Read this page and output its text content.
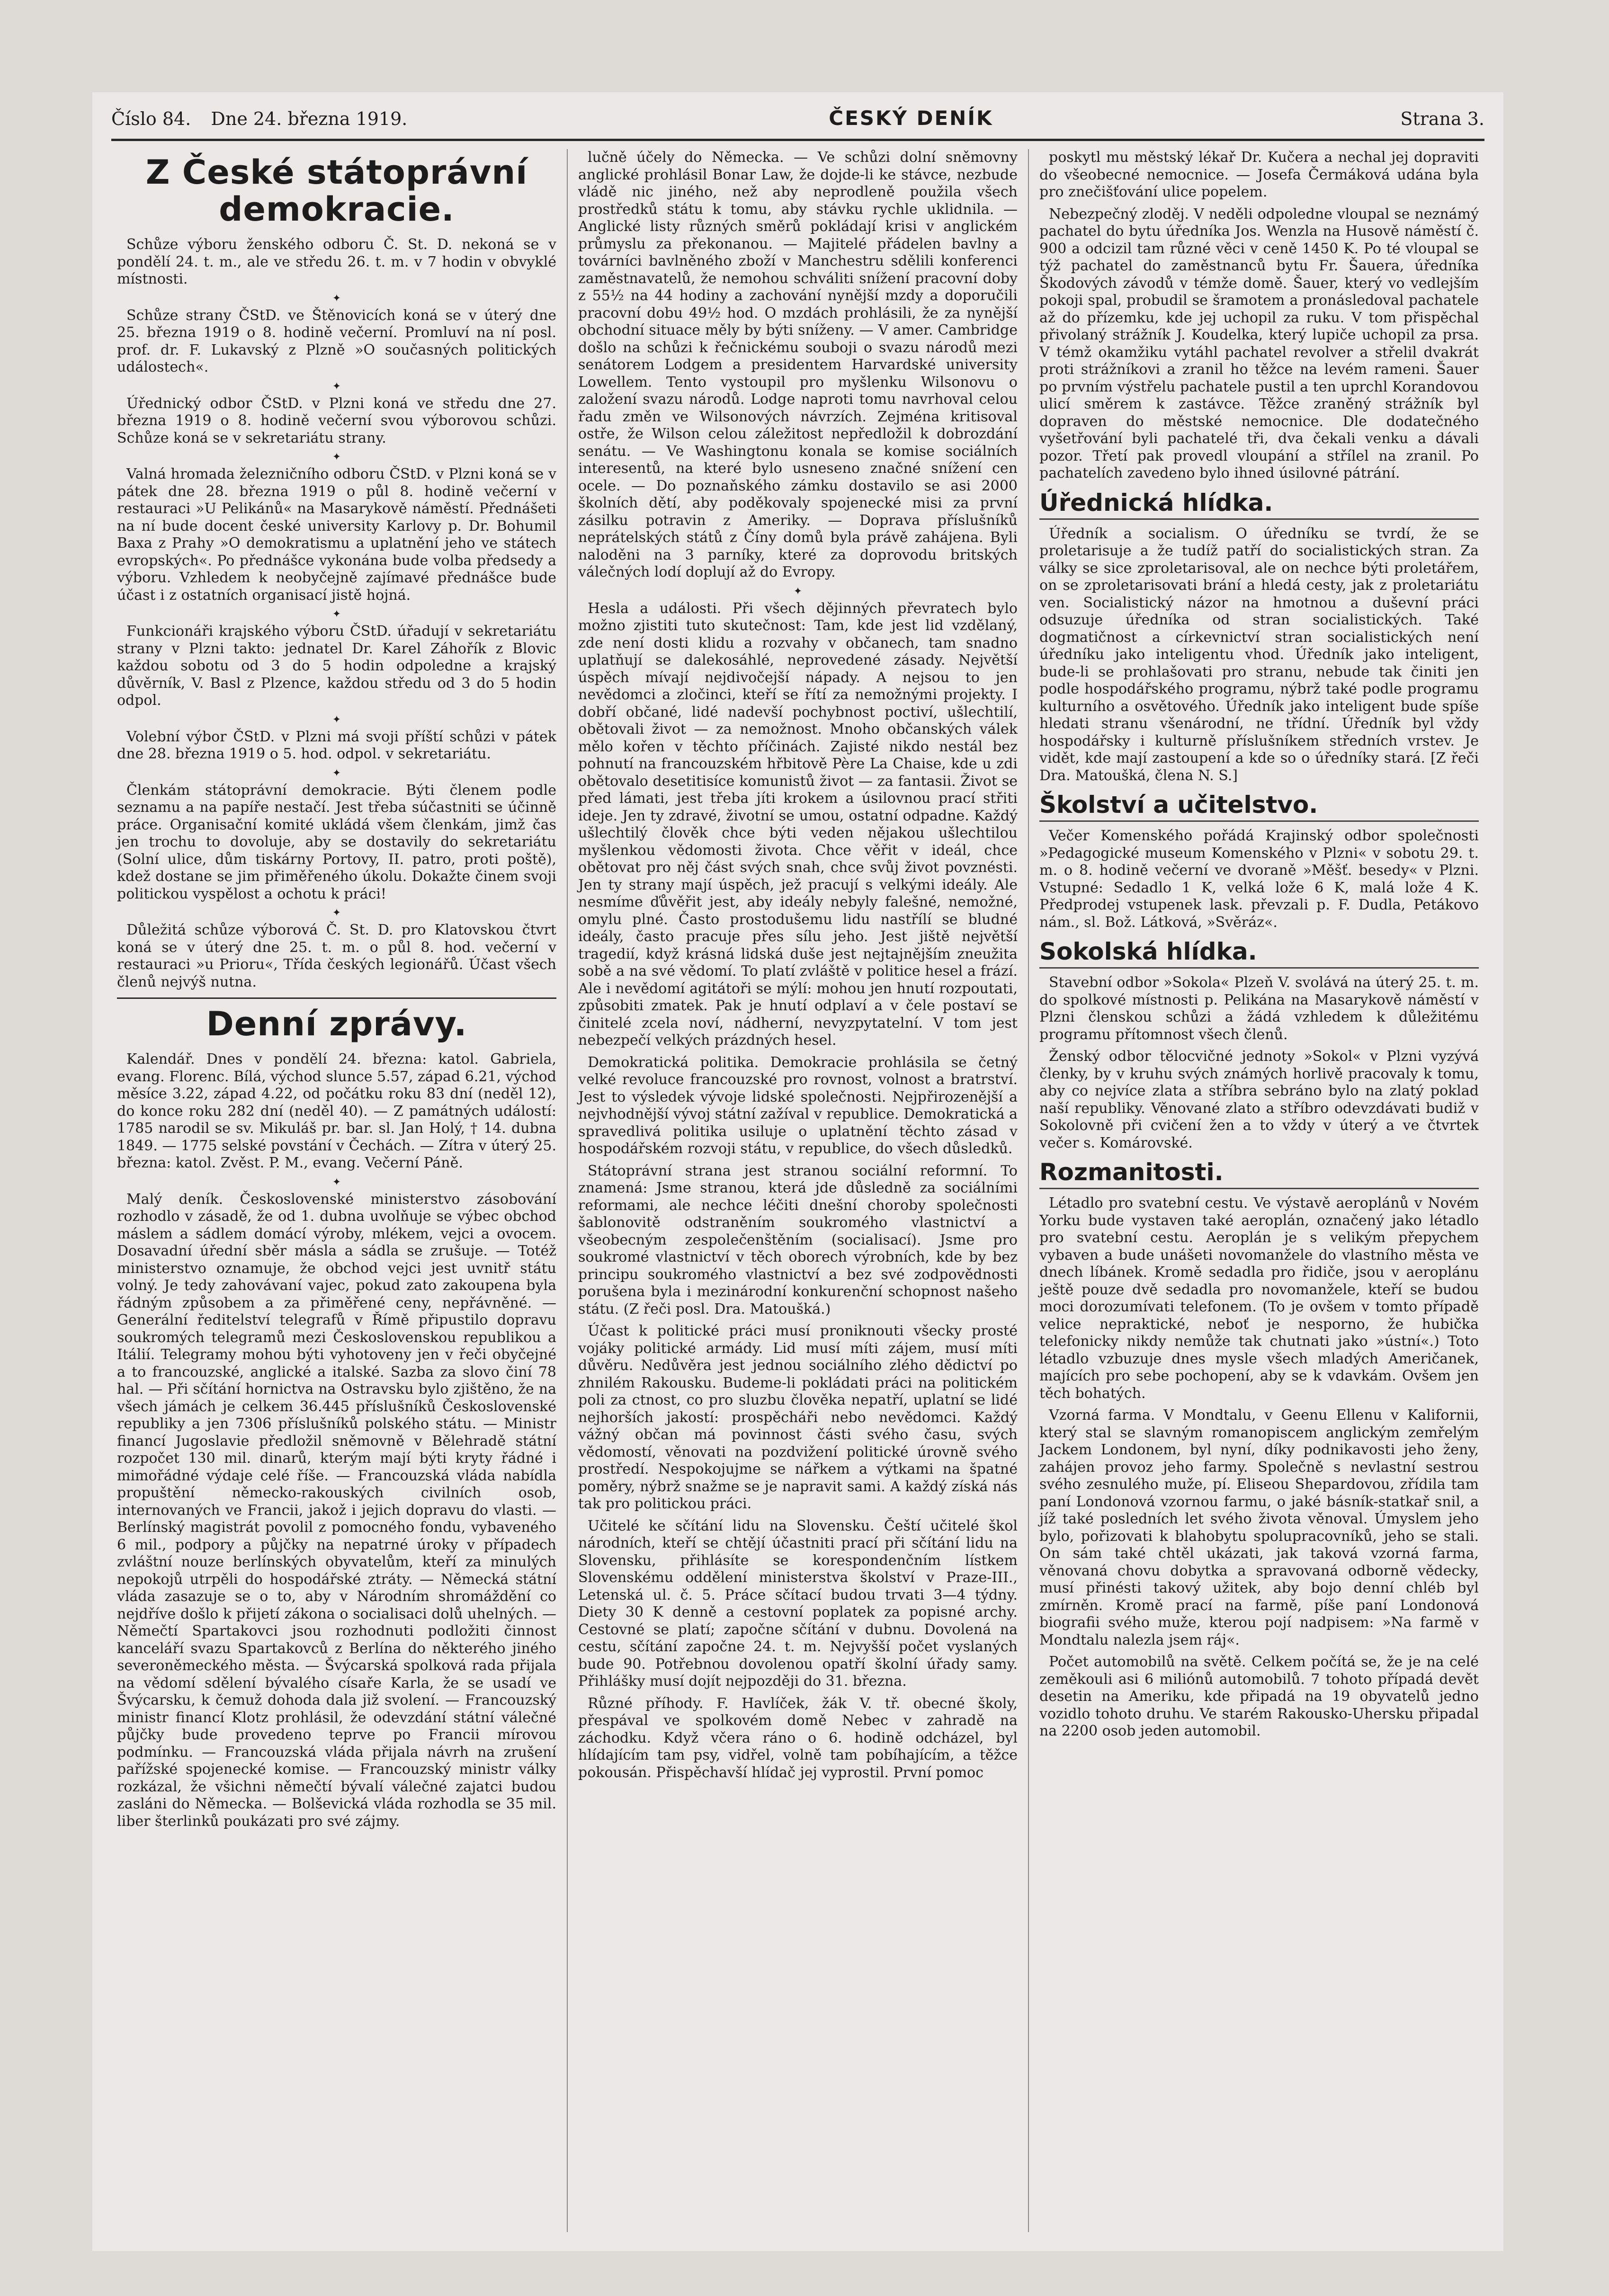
Číslo 84. Dne 24. března 1919.	ČESKÝ DENÍK	Strana 3.
Z České státoprávní demokracie.

Schůze výboru ženského odboru Č. St. D. nekoná se v pondělí 24. t. m., ale ve středu 26. t. m. v 7 hodin v obvyklé místnosti.

✦

Schůze strany ČStD. ve Štěnovicích koná se v úterý dne 25. března 1919 o 8. hodině večerní. Promluví na ní posl. prof. dr. F. Lukavský z Plzně »O současných politických událostech«.

✦

Úřednický odbor ČStD. v Plzni koná ve středu dne 27. března 1919 o 8. hodině večerní svou výborovou schůzi. Schůze koná se v sekretariátu strany.

✦

Valná hromada železničního odboru ČStD. v Plzni koná se v pátek dne 28. března 1919 o půl 8. hodině večerní v restauraci »U Pelikánů« na Masarykově náměstí. Přednášeti na ní bude docent české university Karlovy p. Dr. Bohumil Baxa z Prahy »O demokratismu a uplatnění jeho ve státech evropských«. Po přednášce vykonána bude volba předsedy a výboru. Vzhledem k neobyčejně zajímavé přednášce bude účast i z ostatních organisací jistě hojná.

✦

Funkcionáři krajského výboru ČStD. úřadují v sekretariátu strany v Plzni takto: jednatel Dr. Karel Záhořík z Blovic každou sobotu od 3 do 5 hodin odpoledne a krajský důvěrník, V. Basl z Plzence, každou středu od 3 do 5 hodin odpol.

✦

Volební výbor ČStD. v Plzni má svoji příští schůzi v pátek dne 28. března 1919 o 5. hod. odpol. v sekretariátu.

✦

Členkám státoprávní demokracie. Býti členem podle seznamu a na papíře nestačí. Jest třeba súčastniti se účinně práce. Organisační komité ukládá všem členkám, jimž čas jen trochu to dovoluje, aby se dostavily do sekretariátu (Solní ulice, dům tiskárny Portovy, II. patro, proti poště), kdež dostane se jim přiměřeného úkolu. Dokažte činem svoji politickou vyspělost a ochotu k práci!

✦

Důležitá schůze výborová Č. St. D. pro Klatovskou čtvrt koná se v úterý dne 25. t. m. o půl 8. hod. večerní v restauraci »u Prioru«, Třída českých legionářů. Účast všech členů nejvýš nutna.

Denní zprávy.

Kalendář. Dnes v pondělí 24. března: katol. Gabriela, evang. Florenc. Bílá, východ slunce 5.57, západ 6.21, východ měsíce 3.22, západ 4.22, od počátku roku 83 dní (neděl 12), do konce roku 282 dní (neděl 40). — Z památných událostí: 1785 narodil se sv. Mikuláš pr. bar. sl. Jan Holý, † 14. dubna 1849. — 1775 selské povstání v Čechách. — Zítra v úterý 25. března: katol. Zvěst. P. M., evang. Večerní Páně.

✦

Malý deník. Československé ministerstvo zásobování rozhodlo v zásadě, že od 1. dubna uvolňuje se výbec obchod máslem a sádlem domácí výroby, mlékem, vejci a ovocem. Dosavadní úřední sběr másla a sádla se zrušuje. — Totéž ministerstvo oznamuje, že obchod vejci jest uvnitř státu volný. Je tedy zahovávaní vajec, pokud zato zakoupena byla řádným způsobem a za přiměřené ceny, nepřávněné. — Generální ředitelství telegrafů v Římě připustilo dopravu soukromých telegramů mezi Československou republikou a Itálií. Telegramy mohou býti vyhotoveny jen v řeči obyčejné a to francouzské, anglické a italské. Sazba za slovo činí 78 hal. — Při sčítání hornictva na Ostravsku bylo zjištěno, že na všech jámách je celkem 36.445 příslušníků Československé republiky a jen 7306 příslušníků polského státu. — Ministr financí Jugoslavie předložil sněmovně v Bělehradě státní rozpočet 130 mil. dinarů, kterým mají býti kryty řádné i mimořádné výdaje celé říše. — Francouzská vláda nabídla propuštění německo-rakouských civilních osob, internovaných ve Francii, jakož i jejich dopravu do vlasti. — Berlínský magistrát povolil z pomocného fondu, vybaveného 6 mil., podpory a půjčky na nepatrné úroky v případech zvláštní nouze berlínských obyvatelům, kteří za minulých nepokojů utrpěli do hospodářské ztráty. — Německá státní vláda zasazuje se o to, aby v Národním shromáždění co nejdříve došlo k přijetí zákona o socialisaci dolů uhelných. — Němečtí Spartakovci jsou rozhodnuti podložiti činnost kanceláří svazu Spartakovců z Berlína do některého jiného severoněmeckého města. — Švýcarská spolková rada přijala na vědomí sdělení bývalého císaře Karla, že se usadí ve Švýcarsku, k čemuž dohoda dala již svolení. — Francouzský ministr financí Klotz prohlásil, že odevzdání státní válečné půjčky bude provedeno teprve po Francii mírovou podmínku. — Francouzská vláda přijala návrh na zrušení pařížské spojenecké komise. — Francouzský ministr války rozkázal, že všichni němečtí bývalí válečné zajatci budou zasláni do Německa. — Bolševická vláda rozhodla se 35 mil. liber šterlinků poukázati pro své zájmy.

lučně účely do Německa. — Ve schůzi dolní sněmovny anglické prohlásil Bonar Law, že dojde-li ke stávce, nezbude vládě nic jiného, než aby neprodleně použila všech prostředků státu k tomu, aby stávku rychle uklidnila. — Anglické listy různých směrů pokládají krisi v anglickém průmyslu za překonanou. — Majitelé přádelen bavlny a továrníci bavlněného zboží v Manchestru sdělili konferenci zaměstnavatelů, že nemohou schváliti snížení pracovní doby z 55½ na 44 hodiny a zachování nynější mzdy a doporučili pracovní dobu 49½ hod. O mzdách prohlásili, že za nynější obchodní situace měly by býti sníženy. — V amer. Cambridge došlo na schůzi k řečnickému souboji o svazu národů mezi senátorem Lodgem a presidentem Harvardské university Lowellem. Tento vystoupil pro myšlenku Wilsonovu o založení svazu národů. Lodge naproti tomu navrhoval celou řadu změn ve Wilsonových návrzích. Zejména kritisoval ostře, že Wilson celou záležitost nepředložil k dobrozdání senátu. — Ve Washingtonu konala se komise sociálních interesentů, na které bylo usneseno značné snížení cen ocele. — Do poznaňského zámku dostavilo se asi 2000 školních dětí, aby poděkovaly spojenecké misi za první zásilku potravin z Ameriky. — Doprava příslušníků neprátelských států z Číny domů byla právě zahájena. Byli naloděni na 3 parníky, které za doprovodu britských válečných lodí doplují až do Evropy.

✦

Hesla a události. Při všech dějinných převratech bylo možno zjistiti tuto skutečnost: Tam, kde jest lid vzdělaný, zde není dosti klidu a rozvahy v občanech, tam snadno uplatňují se dalekosáhlé, neprovedené zásady. Největší úspěch mívají nejdivočejší nápady. A nejsou to jen nevědomci a zločinci, kteří se řítí za nemožnými projekty. I dobří občané, lidé nadevší pochybnost poctiví, ušlechtilí, obětovali život — za nemožnost. Mnoho občanských válek mělo kořen v těchto příčinách. Zajisté nikdo nestál bez pohnutí na francouzském hřbitově Père La Chaise, kde u zdi obětovalo desetitisíce komunistů život — za fantasii. Život se před lámati, jest třeba jíti krokem a úsilovnou prací střiti ideje. Jen ty zdravé, životní se umou, ostatní odpadne. Každý ušlechtilý člověk chce býti veden nějakou ušlechtilou myšlenkou vědomosti života. Chce věřit v ideál, chce obětovat pro něj část svých snah, chce svůj život povznésti. Jen ty strany mají úspěch, jež pracují s velkými ideály. Ale nesmíme ďůvěřit jest, aby ideály nebyly falešné, nemožné, omylu plné. Často prostodušemu lidu nastřílí se bludné ideály, často pracuje přes sílu jeho. Jest jiště největší tragedií, když krásná lidská duše jest nejtajnějším zneužita sobě a na své vědomí. To platí zvláště v politice hesel a frází. Ale i nevědomí agitátoři se mýlí: mohou jen hnutí rozpoutati, způsobiti zmatek. Pak je hnutí odplaví a v čele postaví se činitelé zcela noví, nádherní, nevyzpytatelní. V tom jest nebezpečí velkých prázdných hesel.

Demokratická politika. Demokracie prohlásila se četný velké revoluce francouzské pro rovnost, volnost a bratrství. Jest to výsledek vývoje lidské společnosti. Nejpřirozenější a nejvhodnější vývoj státní zažíval v republice. Demokratická a spravedlivá politika usiluje o uplatnění těchto zásad v hospodářském rozvoji státu, v republice, do všech důsledků.

Státoprávní strana jest stranou sociální reformní. To znamená: Jsme stranou, která jde důsledně za sociálními reformami, ale nechce léčiti dnešní choroby společnosti šablonovitě odstraněním soukromého vlastnictví a všeobecným zespolečenštěním (socialisací). Jsme pro soukromé vlastnictví v těch oborech výrobních, kde by bez principu soukromého vlastnictví a bez své zodpovědnosti porušena byla i mezinárodní konkurenční schopnost našeho státu. (Z řeči posl. Dra. Matoušká.)

Účast k politické práci musí proniknouti všecky prosté vojáky politické armády. Lid musí míti zájem, musí míti důvěru. Nedůvěra jest jednou sociálního zlého dědictví po zhnilém Rakousku. Budeme-li pokládati práci na politickém poli za ctnost, co pro sluzbu člověka nepatří, uplatní se lidé nejhorších jakostí: prospěcháři nebo nevědomci. Každý vážný občan má povinnost části svého času, svých vědomostí, věnovati na pozdvižení politické úrovně svého prostředí. Nespokojujme se nářkem a výtkami na špatné poměry, nýbrž snažme se je napravit sami. A každý získá nás tak pro politickou práci.

Učitelé ke sčítání lidu na Slovensku. Čeští učitelé škol národních, kteří se chtějí účastniti prací při sčítání lidu na Slovensku, přihlásíte se korespondenčním lístkem Slovenskému oddělení ministerstva školství v Praze-III., Letenská ul. č. 5. Práce sčítací budou trvati 3—4 týdny. Diety 30 K denně a cestovní poplatek za popisné archy. Cestovné se platí; započne sčítání v dubnu. Dovolená na cestu, sčítání započne 24. t. m. Nejvyšší počet vyslaných bude 90. Potřebnou dovolenou opatří školní úřady samy. Přihlášky musí dojít nejpozději do 31. března.

Různé příhody. F. Havlíček, žák V. tř. obecné školy, přespával ve spolkovém domě Nebec v zahradě na záchodku. Když včera ráno o 6. hodině odcházel, byl hlídajícím tam psy, vidřel, volně tam pobíhajícím, a těžce pokousán. Přispěchavší hlídač jej vyprostil. První pomoc

poskytl mu městský lékař Dr. Kučera a nechal jej dopraviti do všeobecné nemocnice. — Josefa Čermáková udána byla pro znečišťování ulice popelem.

Nebezpečný zloděj. V neděli odpoledne vloupal se neznámý pachatel do bytu úředníka Jos. Wenzla na Husově náměstí č. 900 a odcizil tam různé věci v ceně 1450 K. Po té vloupal se týž pachatel do zaměstnanců bytu Fr. Šauera, úředníka Škodových závodů v témže domě. Šauer, který vo vedlejším pokoji spal, probudil se šramotem a pronásledoval pachatele až do přízemku, kde jej uchopil za ruku. V tom přispěchal přivolaný strážník J. Koudelka, který lupiče uchopil za prsa. V témž okamžiku vytáhl pachatel revolver a střelil dvakrát proti strážníkovi a zranil ho těžce na levém rameni. Šauer po prvním výstřelu pachatele pustil a ten uprchl Korandovou ulicí směrem k zastávce. Těžce zraněný strážník byl dopraven do městské nemocnice. Dle dodatečného vyšetřování byli pachatelé tři, dva čekali venku a dávali pozor. Třetí pak provedl vloupání a střílel na zranil. Po pachatelích zavedeno bylo ihned úsilovné pátrání.

Úřednická hlídka.

Úředník a socialism. O úředníku se tvrdí, že se proletarisuje a že tudíž patří do socialistických stran. Za války se sice zproletarisoval, ale on nechce býti proletářem, on se zproletarisovati brání a hledá cesty, jak z proletariátu ven. Socialistický názor na hmotnou a duševní práci odsuzuje úředníka od stran socialistických. Také dogmatičnost a církevnictví stran socialistických není úředníku jako inteligentu vhod. Úředník jako inteligent, bude-li se prohlašovati pro stranu, nebude tak činiti jen podle hospodářského programu, nýbrž také podle programu kulturního a osvětového. Úředník jako inteligent bude spíše hledati stranu všenárodní, ne třídní. Úředník byl vždy hospodářsky i kulturně příslušníkem středních vrstev. Je vidět, kde mají zastoupení a kde so o úředníky stará. [Z řeči Dra. Matoušká, člena N. S.]

Školství a učitelstvo.

Večer Komenského pořádá Krajinský odbor společnosti »Pedagogické museum Komenského v Plzni« v sobotu 29. t. m. o 8. hodině večerní ve dvoraně »Měšť. besedy« v Plzni. Vstupné: Sedadlo 1 K, velká lože 6 K, malá lože 4 K. Předprodej vstupenek lask. převzali p. F. Dudla, Petákovo nám., sl. Bož. Látková, »Svěráz«.

Sokolská hlídka.

Stavební odbor »Sokola« Plzeň V. svolává na úterý 25. t. m. do spolkové místnosti p. Pelikána na Masarykově náměstí v Plzni členskou schůzi a žádá vzhledem k důležitému programu přítomnost všech členů.

Ženský odbor tělocvičné jednoty »Sokol« v Plzni vyzývá členky, by v kruhu svých známých horlivě pracovaly k tomu, aby co nejvíce zlata a stříbra sebráno bylo na zlatý poklad naší republiky. Věnované zlato a stříbro odevzdávati budiž v Sokolovně při cvičení žen a to vždy v úterý a ve čtvrtek večer s. Komárovské.

Rozmanitosti.

Létadlo pro svatební cestu. Ve výstavě aeroplánů v Novém Yorku bude vystaven také aeroplán, označený jako létadlo pro svatební cestu. Aeroplán je s velikým přepychem vybaven a bude unášeti novomanžele do vlastního města ve dnech líbánek. Kromě sedadla pro řidiče, jsou v aeroplánu ještě pouze dvě sedadla pro novomanžele, kteří se budou moci dorozumívati telefonem. (To je ovšem v tomto případě velice nepraktické, neboť je nesporno, že hubička telefonicky nikdy nemůže tak chutnati jako »ústní«.) Toto létadlo vzbuzuje dnes mysle všech mladých Američanek, majících pro sebe pochopení, aby se k vdavkám. Ovšem jen těch bohatých.

Vzorná farma. V Mondtalu, v Geenu Ellenu v Kalifornii, který stal se slavným romanopiscem anglickým zemřelým Jackem Londonem, byl nyní, díky podnikavosti jeho ženy, zahájen provoz jeho farmy. Společně s nevlastní sestrou svého zesnulého muže, pí. Eliseou Shepardovou, zřídila tam paní Londonová vzornou farmu, o jaké básník-statkař snil, a jíž také posledních let svého života věnoval. Úmyslem jeho bylo, pořizovati k blahobytu spolupracovníků, jeho se stali. On sám také chtěl ukázati, jak taková vzorná farma, věnovaná chovu dobytka a spravovaná odborně vědecky, musí přinésti takový užitek, aby bojo denní chléb byl zmírněn. Kromě prací na farmě, píše paní Londonová biografii svého muže, kterou pojí nadpisem: »Na farmě v Mondtalu nalezla jsem ráj«.

Počet automobilů na světě. Celkem počítá se, že je na celé zeměkouli asi 6 miliónů automobilů. 7 tohoto případá devět desetin na Ameriku, kde připadá na 19 obyvatelů jedno vozidlo tohoto druhu. Ve starém Rakousko-Uhersku připadal na 2200 osob jeden automobil.
